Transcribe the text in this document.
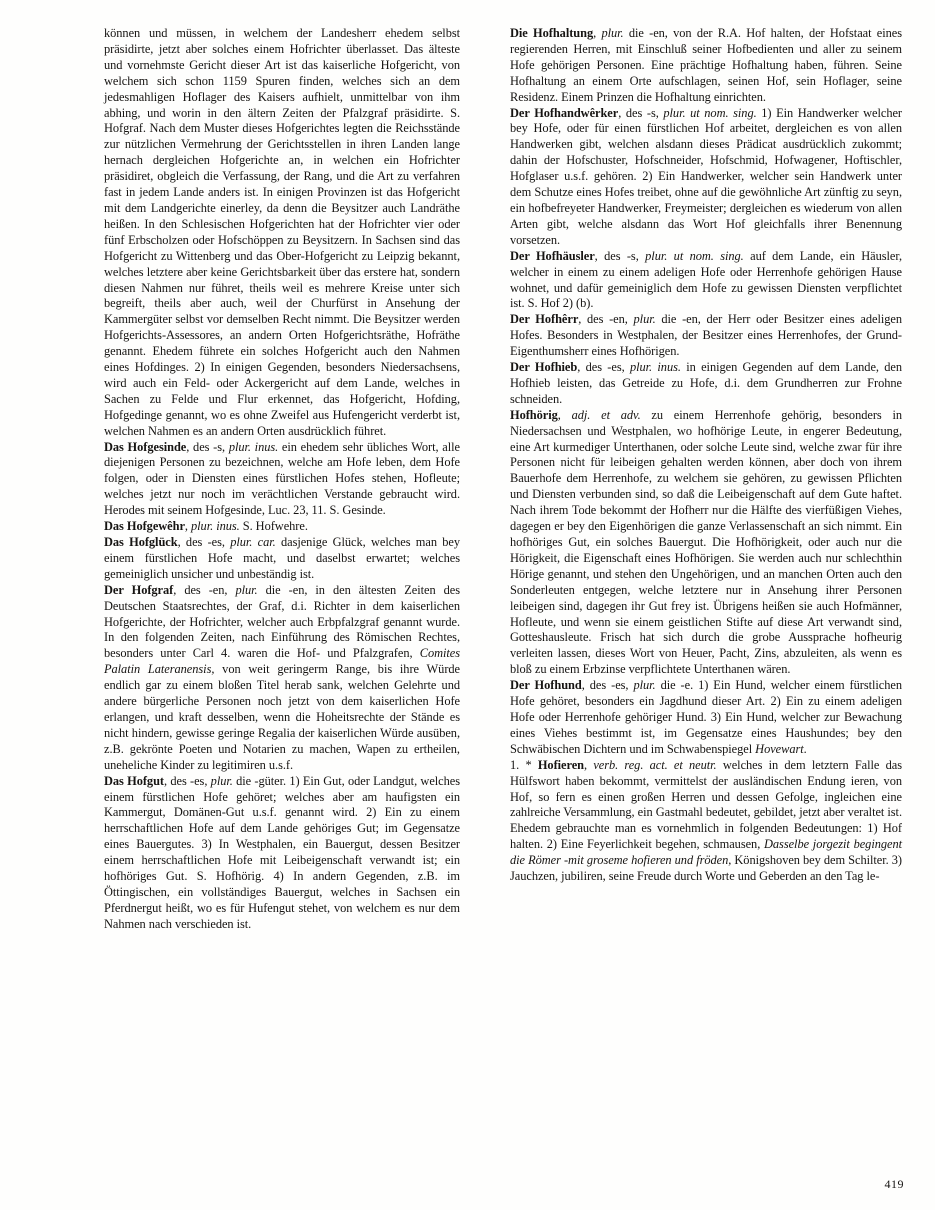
können und müssen, in welchem der Landesherr ehedem selbst präsidirte, jetzt aber solches einem Hofrichter überlasset. Das älteste und vornehmste Gericht dieser Art ist das kaiserliche Hofgericht, von welchem sich schon 1159 Spuren finden, welches sich an dem jedesmahligen Hoflager des Kaisers aufhielt, unmittelbar von ihm abhing, und worin in den ältern Zeiten der Pfalzgraf präsidirte. S. Hofgraf. Nach dem Muster dieses Hofgerichtes legten die Reichsstände zur nützlichen Vermehrung der Gerichtsstellen in ihren Landen lange hernach dergleichen Hofgerichte an, in welchen ein Hofrichter präsidiret, obgleich die Verfassung, der Rang, und die Art zu verfahren fast in jedem Lande anders ist. In einigen Provinzen ist das Hofgericht mit dem Landgerichte einerley, da denn die Beysitzer auch Landräthe heißen. In den Schlesischen Hofgerichten hat der Hofrichter vier oder fünf Erbscholzen oder Hofschöppen zu Beysitzern. In Sachsen sind das Hofgericht zu Wittenberg und das Ober-Hofgericht zu Leipzig bekannt, welches letztere aber keine Gerichtsbarkeit über das erstere hat, sondern diesen Nahmen nur führet, theils weil es mehrere Kreise unter sich begreift, theils aber auch, weil der Churfürst in Ansehung der Kammergüter selbst vor demselben Recht nimmt. Die Beysitzer werden Hofgerichts-Assessores, an andern Orten Hofgerichtsräthe, Hofräthe genannt. Ehedem führete ein solches Hofgericht auch den Nahmen eines Hofdinges. 2) In einigen Gegenden, besonders Niedersachsens, wird auch ein Feld- oder Ackergericht auf dem Lande, welches in Sachen zu Felde und Flur erkennet, das Hofgericht, Hofding, Hofgedinge genannt, wo es ohne Zweifel aus Hufengericht verderbt ist, welchen Nahmen es an andern Orten ausdrücklich führet.

Das Hofgesinde, des -s, plur. inus. ein ehedem sehr übliches Wort, alle diejenigen Personen zu bezeichnen, welche am Hofe leben, dem Hofe folgen, oder in Diensten eines fürstlichen Hofes stehen, Hofleute; welches jetzt nur noch im verächtlichen Verstande gebraucht wird. Herodes mit seinem Hofgesinde, Luc. 23, 11. S. Gesinde.

Das Hofgewêhr, plur. inus. S. Hofwehre.

Das Hofglück, des -es, plur. car. dasjenige Glück, welches man bey einem fürstlichen Hofe macht, und daselbst erwartet; welches gemeiniglich unsicher und unbeständig ist.

Der Hofgraf, des -en, plur. die -en, in den ältesten Zeiten des Deutschen Staatsrechtes, der Graf, d.i. Richter in dem kaiserlichen Hofgerichte, der Hofrichter, welcher auch Erbpfalzgraf genannt wurde. In den folgenden Zeiten, nach Einführung des Römischen Rechtes, besonders unter Carl 4. waren die Hof- und Pfalzgrafen, Comites Palatin Lateranensis, von weit geringerm Range, bis ihre Würde endlich gar zu einem bloßen Titel herab sank, welchen Gelehrte und andere bürgerliche Personen noch jetzt von dem kaiserlichen Hofe erlangen, und kraft desselben, wenn die Hoheitsrechte der Stände es nicht hindern, gewisse geringe Regalia der kaiserlichen Würde ausüben, z.B. gekrönte Poeten und Notarien zu machen, Wapen zu ertheilen, uneheliche Kinder zu legitimiren u.s.f.

Das Hofgut, des -es, plur. die -güter. 1) Ein Gut, oder Landgut, welches einem fürstlichen Hofe gehöret; welches aber am haufigsten ein Kammergut, Domänen-Gut u.s.f. genannt wird. 2) Ein zu einem herrschaftlichen Hofe auf dem Lande gehöriges Gut; im Gegensatze eines Bauergutes. 3) In Westphalen, ein Bauergut, dessen Besitzer einem herrschaftlichen Hofe mit Leibeigenschaft verwandt ist; ein hofhöriges Gut. S. Hofhörig. 4) In andern Gegenden, z.B. im Öttingischen, ein vollständiges Bauergut, welches in Sachsen ein Pferdnergut heißt, wo es für Hufengut stehet, von welchem es nur dem Nahmen nach verschieden ist.

Die Hofhaltung, plur. die -en, von der R.A. Hof halten, der Hofstaat eines regierenden Herren, mit Einschluß seiner Hofbedienten und aller zu seinem Hofe gehörigen Personen. Eine prächtige Hofhaltung haben, führen. Seine Hofhaltung an einem Orte aufschlagen, seinen Hof, sein Hoflager, seine Residenz. Einem Prinzen die Hofhaltung einrichten.

Der Hofhandwêrker, des -s, plur. ut nom. sing. 1) Ein Handwerker welcher bey Hofe, oder für einen fürstlichen Hof arbeitet, dergleichen es von allen Handwerken gibt, welchen alsdann dieses Prädicat ausdrücklich zukommt; dahin der Hofschuster, Hofschneider, Hofschmid, Hofwagener, Hoftischler, Hofglaser u.s.f. gehören. 2) Ein Handwerker, welcher sein Handwerk unter dem Schutze eines Hofes treibet, ohne auf die gewöhnliche Art zünftig zu seyn, ein hofbefreyeter Handwerker, Freymeister; dergleichen es wiederum von allen Arten gibt, welche alsdann das Wort Hof gleichfalls ihrer Benennung vorsetzen.

Der Hofhäusler, des -s, plur. ut nom. sing. auf dem Lande, ein Häusler, welcher in einem zu einem adeligen Hofe oder Herrenhofe gehörigen Hause wohnet, und dafür gemeiniglich dem Hofe zu gewissen Diensten verpflichtet ist. S. Hof 2) (b).

Der Hofhêrr, des -en, plur. die -en, der Herr oder Besitzer eines adeligen Hofes. Besonders in Westphalen, der Besitzer eines Herrenhofes, der Grund-Eigenthumsherr eines Hofhörigen.

Der Hofhieb, des -es, plur. inus. in einigen Gegenden auf dem Lande, den Hofhieb leisten, das Getreide zu Hofe, d.i. dem Grundherren zur Frohne schneiden.

Hofhörig, adj. et adv. zu einem Herrenhofe gehörig, besonders in Niedersachsen und Westphalen, wo hofhörige Leute, in engerer Bedeutung, eine Art kurmediger Unterthanen, oder solche Leute sind, welche zwar für ihre Personen nicht für leibeigen gehalten werden können, aber doch von ihrem Bauerhofe dem Herrenhofe, zu welchem sie gehören, zu gewissen Pflichten und Diensten verbunden sind, so daß die Leibeigenschaft auf dem Gute haftet. Nach ihrem Tode bekommt der Hofherr nur die Hälfte des vierfüßigen Viehes, dagegen er bey den Eigenhörigen die ganze Verlassenschaft an sich nimmt. Ein hofhöriges Gut, ein solches Bauergut. Die Hofhörigkeit, oder auch nur die Hörigkeit, die Eigenschaft eines Hofhörigen. Sie werden auch nur schlechthin Hörige genannt, und stehen den Ungehörigen, und an manchen Orten auch den Sonderleuten entgegen, welche letztere nur in Ansehung ihrer Personen leibeigen sind, dagegen ihr Gut frey ist. Übrigens heißen sie auch Hofmänner, Hofleute, und wenn sie einem geistlichen Stifte auf diese Art verwandt sind, Gotteshausleute. Frisch hat sich durch die grobe Aussprache hofheurig verleiten lassen, dieses Wort von Heuer, Pacht, Zins, abzuleiten, als wenn es bloß zu einem Erbzinse verpflichtete Unterthanen wären.

Der Hofhund, des -es, plur. die -e. 1) Ein Hund, welcher einem fürstlichen Hofe gehöret, besonders ein Jagdhund dieser Art. 2) Ein zu einem adeligen Hofe oder Herrenhofe gehöriger Hund. 3) Ein Hund, welcher zur Bewachung eines Viehes bestimmt ist, im Gegensatze eines Haushundes; bey den Schwäbischen Dichtern und im Schwabenspiegel Hovewart.

1. * Hofieren, verb. reg. act. et neutr. welches in dem letztern Falle das Hülfswort haben bekommt, vermittelst der ausländischen Endung ieren, von Hof, so fern es einen großen Herren und dessen Gefolge, ingleichen eine zahlreiche Versammlung, ein Gastmahl bedeutet, gebildet, jetzt aber veraltet ist. Ehedem gebrauchte man es vornehmlich in folgenden Bedeutungen: 1) Hof halten. 2) Eine Feyerlichkeit begehen, schmausen, Dasselbe jorgezit begingent die Römer -mit groseme hofieren und fröden, Königshoven bey dem Schilter. 3) Jauchzen, jubiliren, seine Freude durch Worte und Geberden an den Tag le-

419
